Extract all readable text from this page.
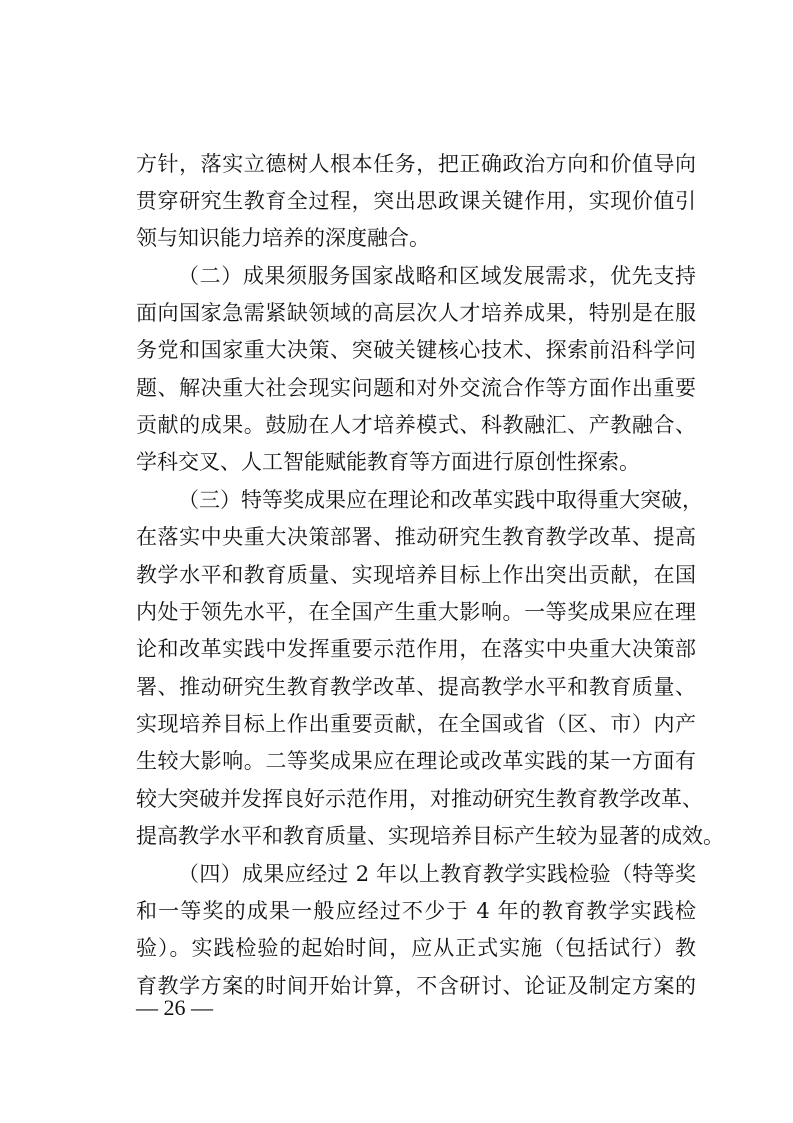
方针，落实立德树人根本任务，把正确政治方向和价值导向
贯穿研究生教育全过程，突出思政课关键作用，实现价值引
领与知识能力培养的深度融合。
（二）成果须服务国家战略和区域发展需求，优先支持
面向国家急需紧缺领域的高层次人才培养成果，特别是在服
务党和国家重大决策、突破关键核心技术、探索前沿科学问
题、解决重大社会现实问题和对外交流合作等方面作出重要
贡献的成果。鼓励在人才培养模式、科教融汇、产教融合、
学科交叉、人工智能赋能教育等方面进行原创性探索。
（三）特等奖成果应在理论和改革实践中取得重大突破，
在落实中央重大决策部署、推动研究生教育教学改革、提高
教学水平和教育质量、实现培养目标上作出突出贡献，在国
内处于领先水平，在全国产生重大影响。一等奖成果应在理
论和改革实践中发挥重要示范作用，在落实中央重大决策部
署、推动研究生教育教学改革、提高教学水平和教育质量、
实现培养目标上作出重要贡献，在全国或省（区、市）内产
生较大影响。二等奖成果应在理论或改革实践的某一方面有
较大突破并发挥良好示范作用，对推动研究生教育教学改革、
提高教学水平和教育质量、实现培养目标产生较为显著的成效。
（四）成果应经过 2 年以上教育教学实践检验（特等奖
和一等奖的成果一般应经过不少于 4 年的教育教学实践检
验）。实践检验的起始时间，应从正式实施（包括试行）教
育教学方案的时间开始计算，不含研讨、论证及制定方案的
— 26 —
